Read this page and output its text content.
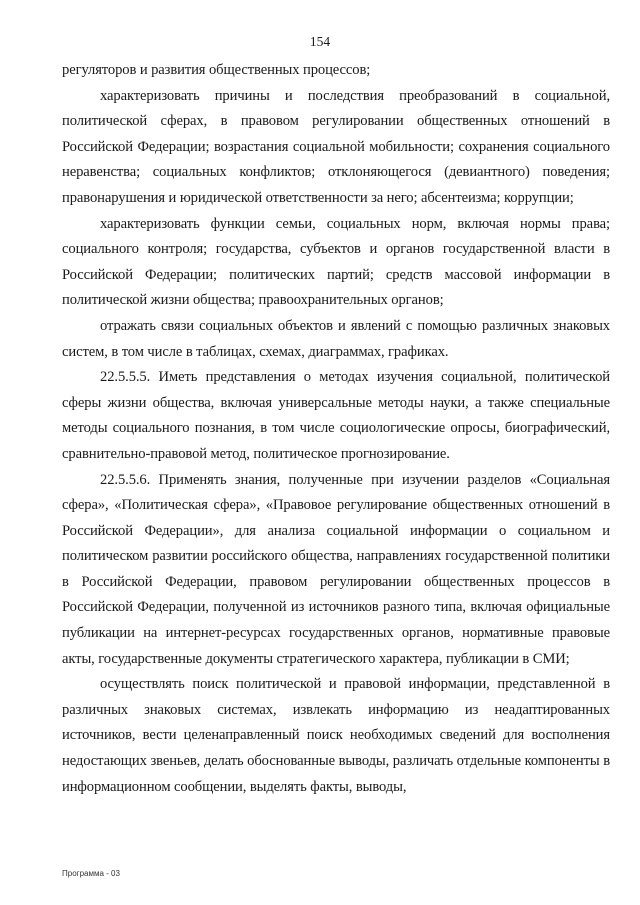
154

регуляторов и развития общественных процессов;

характеризовать причины и последствия преобразований в социальной, политической сферах, в правовом регулировании общественных отношений в Российской Федерации; возрастания социальной мобильности; сохранения социального неравенства; социальных конфликтов; отклоняющегося (девиантного) поведения; правонарушения и юридической ответственности за него; абсентеизма; коррупции;

характеризовать функции семьи, социальных норм, включая нормы права; социального контроля; государства, субъектов и органов государственной власти в Российской Федерации; политических партий; средств массовой информации в политической жизни общества; правоохранительных органов;

отражать связи социальных объектов и явлений с помощью различных знаковых систем, в том числе в таблицах, схемах, диаграммах, графиках.

22.5.5.5. Иметь представления о методах изучения социальной, политической сферы жизни общества, включая универсальные методы науки, а также специальные методы социального познания, в том числе социологические опросы, биографический, сравнительно-правовой метод, политическое прогнозирование.

22.5.5.6. Применять знания, полученные при изучении разделов «Социальная сфера», «Политическая сфера», «Правовое регулирование общественных отношений в Российской Федерации», для анализа социальной информации о социальном и политическом развитии российского общества, направлениях государственной политики в Российской Федерации, правовом регулировании общественных процессов в Российской Федерации, полученной из источников разного типа, включая официальные публикации на интернет-ресурсах государственных органов, нормативные правовые акты, государственные документы стратегического характера, публикации в СМИ;

осуществлять поиск политической и правовой информации, представленной в различных знаковых системах, извлекать информацию из неадаптированных источников, вести целенаправленный поиск необходимых сведений для восполнения недостающих звеньев, делать обоснованные выводы, различать отдельные компоненты в информационном сообщении, выделять факты, выводы,

Программа - 03
